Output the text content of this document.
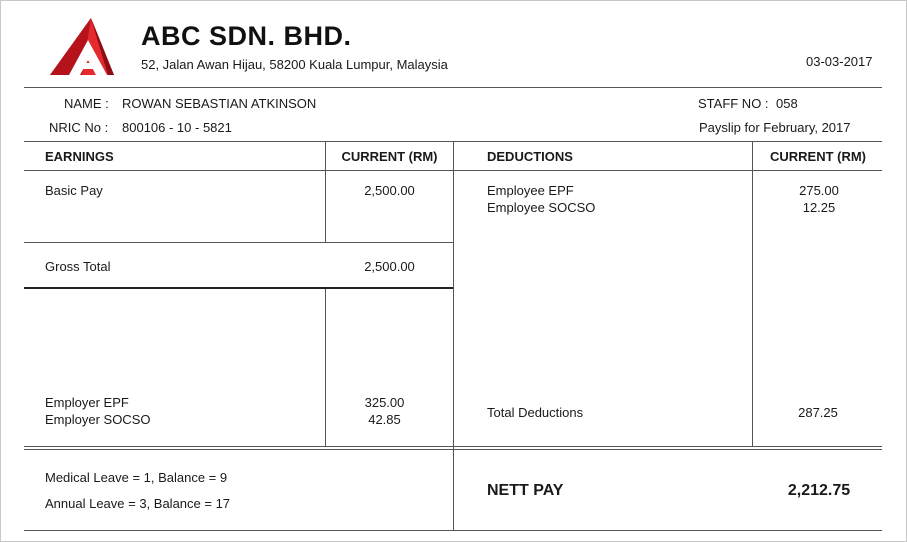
ABC SDN. BHD.
52, Jalan Awan Hijau, 58200 Kuala Lumpur, Malaysia	03-03-2017
NAME : ROWAN SEBASTIAN ATKINSON
NRIC No : 800106 - 10 - 5821
STAFF NO : 058
Payslip for February, 2017
EARNINGS	CURRENT (RM)	DEDUCTIONS	CURRENT (RM)
Basic Pay	2,500.00
Gross Total	2,500.00
Employer EPF	325.00
Employer SOCSO	42.85
Employee EPF	275.00
Employee SOCSO	12.25
Total Deductions	287.25
Medical Leave = 1, Balance = 9
Annual Leave = 3, Balance = 17
NETT PAY	2,212.75
